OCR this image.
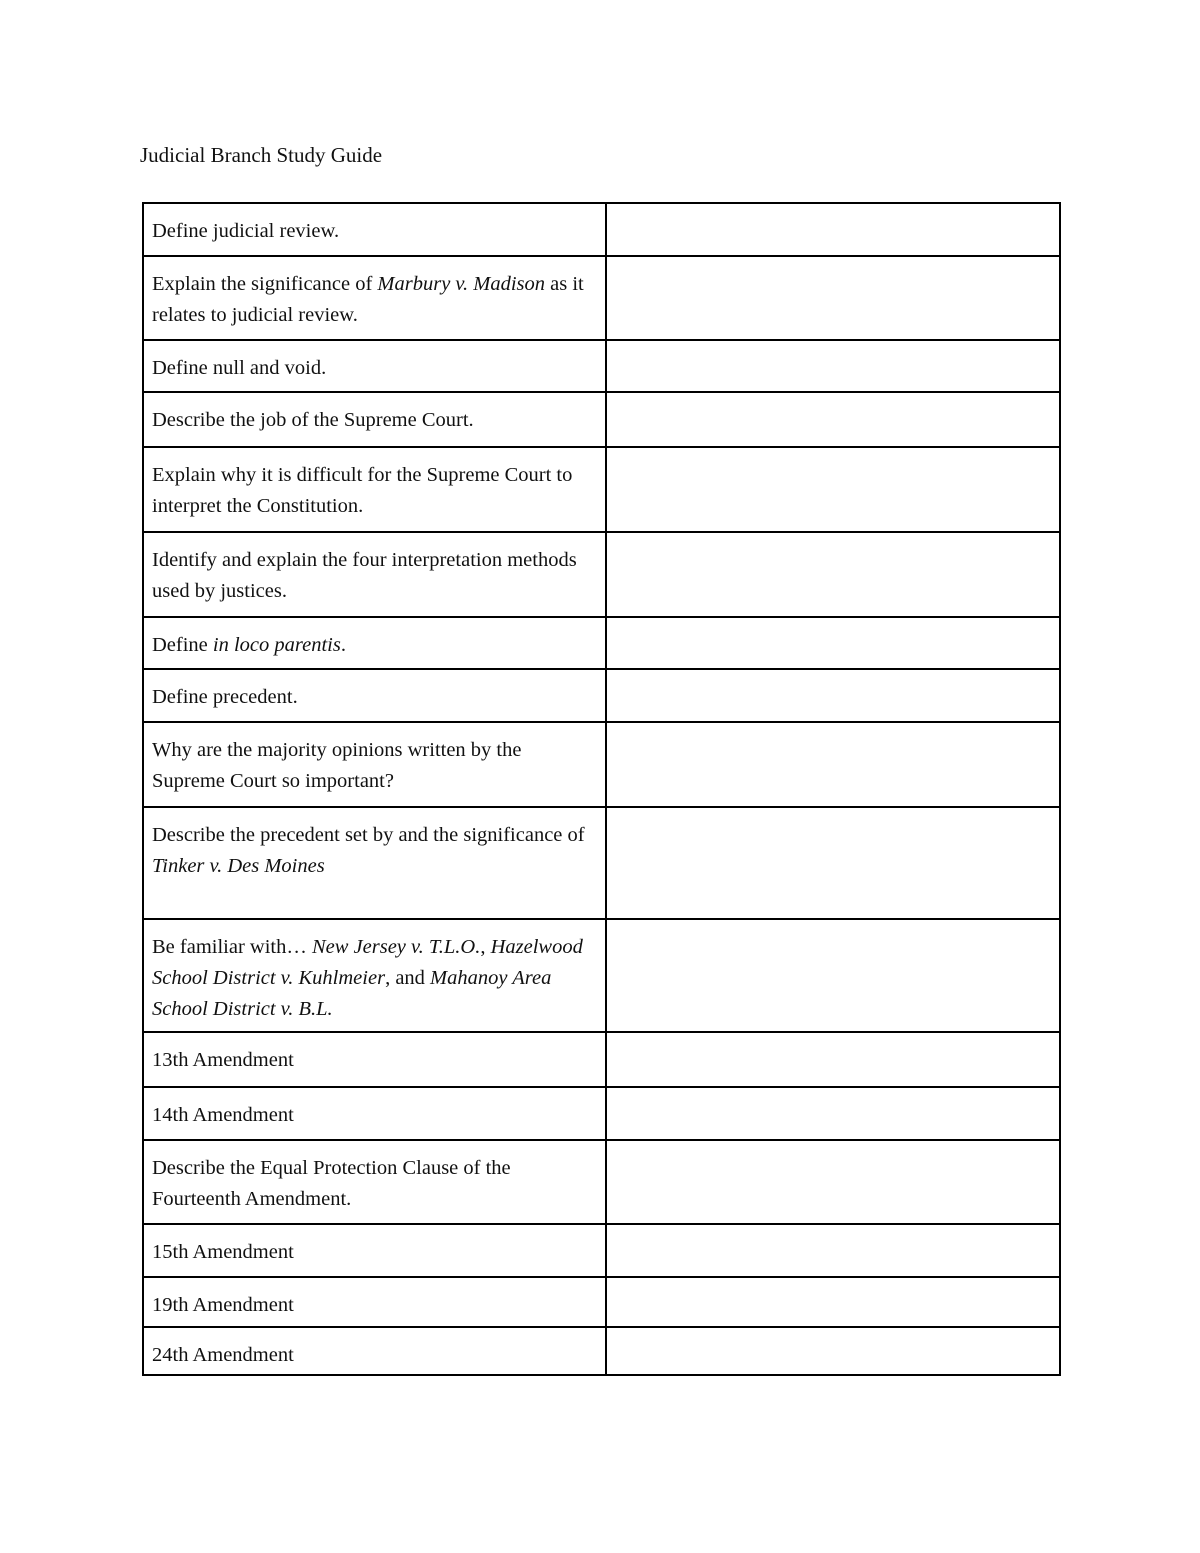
Judicial Branch Study Guide
Define judicial review.	
Explain the significance of Marbury v. Madison as it relates to judicial review.	
Define null and void.	
Describe the job of the Supreme Court.	
Explain why it is difficult for the Supreme Court to interpret the Constitution.	
Identify and explain the four interpretation methods used by justices.	
Define in loco parentis.	
Define precedent.	
Why are the majority opinions written by the Supreme Court so important?	
Describe the precedent set by and the significance of Tinker v. Des Moines	
Be familiar with… New Jersey v. T.L.O., Hazelwood School District v. Kuhlmeier, and Mahanoy Area School District v. B.L.	
13th Amendment	
14th Amendment	
Describe the Equal Protection Clause of the Fourteenth Amendment.	
15th Amendment	
19th Amendment	
24th Amendment	
